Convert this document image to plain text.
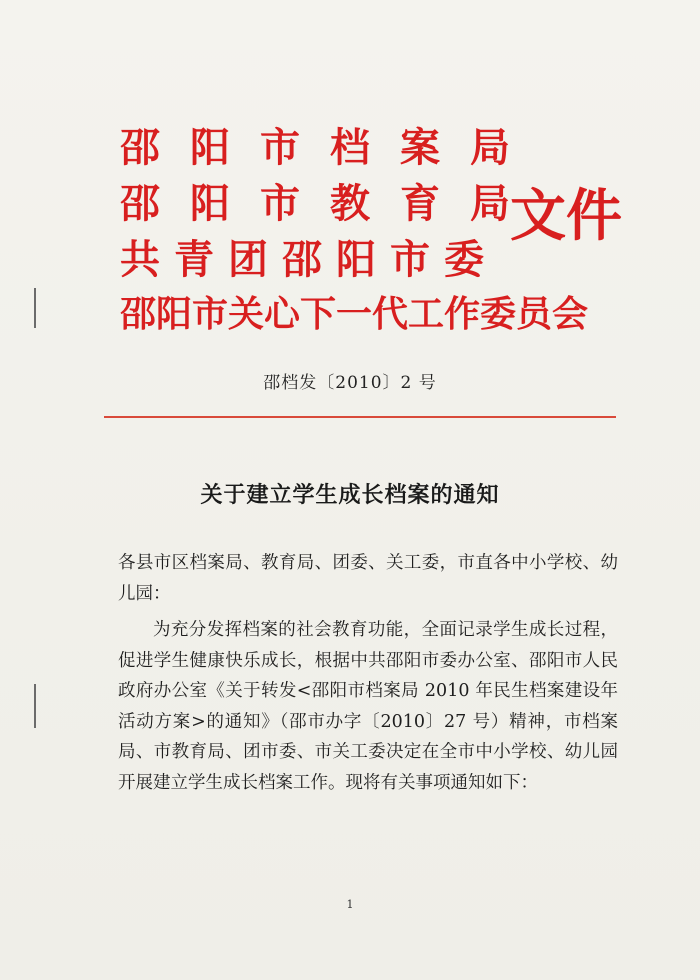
邵阳市档案局
邵阳市教育局
共青团邵阳市委
邵阳市关心下一代工作委员会
文件
邵档发〔2010〕2 号
关于建立学生成长档案的通知

各县市区档案局、教育局、团委、关工委，市直各中小学校、幼儿园：

为充分发挥档案的社会教育功能，全面记录学生成长过程，促进学生健康快乐成长，根据中共邵阳市委办公室、邵阳市人民政府办公室《关于转发<邵阳市档案局 2010 年民生档案建设年活动方案>的通知》（邵市办字〔2010〕27 号）精神，市档案局、市教育局、团市委、市关工委决定在全市中小学校、幼儿园开展建立学生成长档案工作。现将有关事项通知如下：

1
